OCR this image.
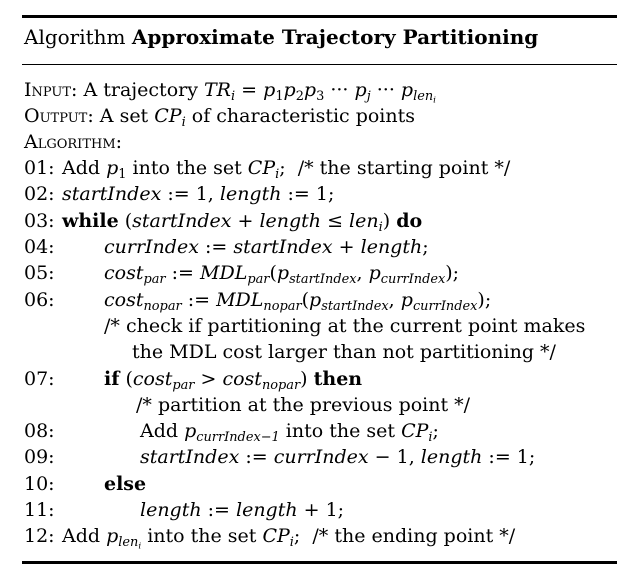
Algorithm Approximate Trajectory Partitioning
Input: A trajectory $TR_i = p_1p_2p_3$ ··· $p_j$ ··· $p_{len_i}$
Output: A set $CP_i$ of characteristic points
Algorithm:
01: Add $p_1$ into the set $CP_i$;  /* the starting point */
02: startIndex := 1, length := 1;
03: while (startIndex + length ≤ len$_i$) do
04:	currIndex := startIndex + length;
05:	cost$_{par}$ := $MDL_{par}(p_{startIndex}$, $p_{currIndex}$);
06:	cost$_{nopar}$ := $MDL_{nopar}(p_{startIndex}$, $p_{currIndex}$);
/* check if partitioning at the current point makes
the MDL cost larger than not partitioning */
07:	if (cost$_{par}$ > cost$_{nopar}$) then
/* partition at the previous point */
08:	Add $p_{currIndex-1}$ into the set $CP_i$;
09:	startIndex := currIndex − 1, length := 1;
10:	else
11:	length := length + 1;
12: Add $p_{len_i}$ into the set $CP_i$;  /* the ending point */
